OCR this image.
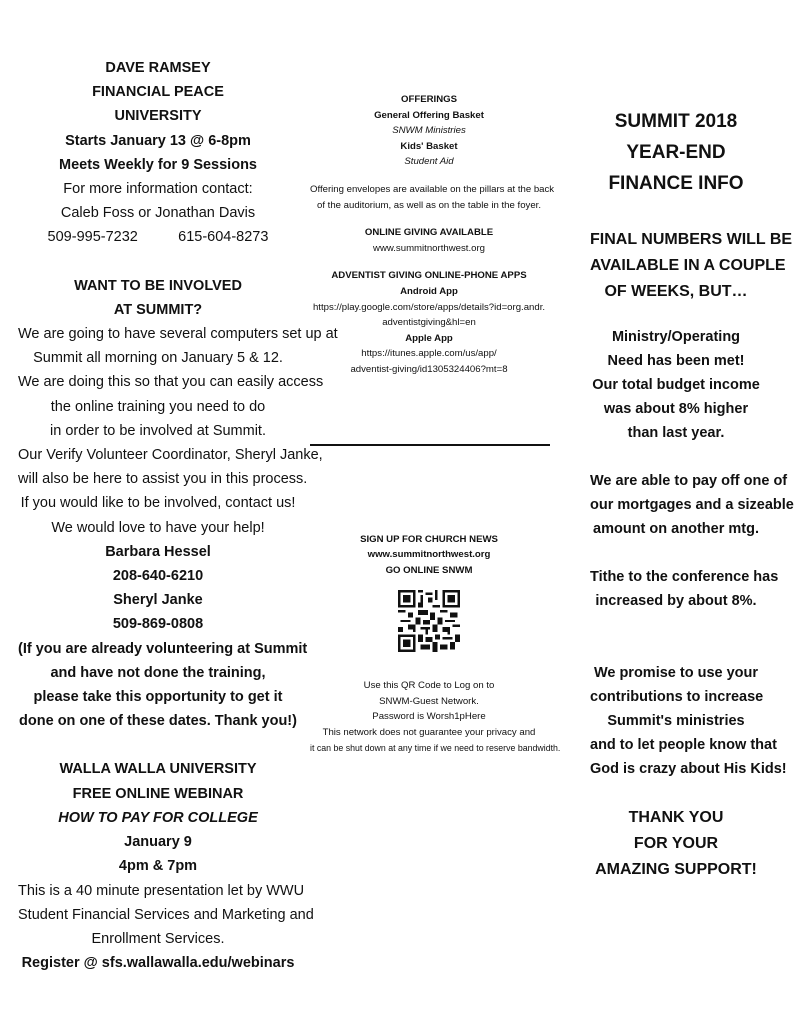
DAVE RAMSEY
FINANCIAL PEACE
UNIVERSITY
Starts January 13 @ 6-8pm
Meets Weekly for 9 Sessions
For more information contact:
Caleb Foss or Jonathan Davis
509-995-7232          615-604-8273
WANT TO BE INVOLVED
AT SUMMIT?
We are going to have several computers set up at
Summit all morning on January 5 & 12.
We are doing this so that you can easily access
the online training you need to do
in order to be involved at Summit.
Our Verify Volunteer Coordinator, Sheryl Janke,
will also be here to assist you in this process.
If you would like to be involved, contact us!
We would love to have your help!
Barbara Hessel
208-640-6210
Sheryl Janke
509-869-0808
(If you are already volunteering at Summit
and have not done the training,
please take this opportunity to get it
done on one of these dates. Thank you!)
WALLA WALLA UNIVERSITY
FREE ONLINE WEBINAR
HOW TO PAY FOR COLLEGE
January 9
4pm & 7pm
This is a 40 minute presentation let by WWU
Student Financial Services and Marketing and
Enrollment Services.
Register @ sfs.wallawalla.edu/webinars
OFFERINGS
General Offering Basket
SNWM Ministries
Kids' Basket
Student Aid
Offering envelopes are available on the pillars at the back
of the auditorium, as well as on the table in the foyer.
ONLINE GIVING AVAILABLE
www.summitnorthwest.org
ADVENTIST GIVING ONLINE-PHONE APPS
Android App
https://play.google.com/store/apps/details?id=org.andr.
adventistgiving&hl=en
Apple App
https://itunes.apple.com/us/app/
adventist-giving/id1305324406?mt=8
SIGN UP FOR CHURCH NEWS
www.summitnorthwest.org
GO ONLINE SNWM
Use this QR Code to Log on to
SNWM-Guest Network.
Password is Worsh1pHere
This network does not guarantee your privacy and
it can be shut down at any time if we need to reserve bandwidth.
SUMMIT 2018
YEAR-END
FINANCE INFO
FINAL NUMBERS WILL BE
AVAILABLE IN A COUPLE
OF WEEKS, BUT…
Ministry/Operating
Need has been met!
Our total budget income
was about 8% higher
than last year.
We are able to pay off one of
our mortgages and a sizeable
amount on another mtg.
Tithe to the conference has
increased by about 8%.
We promise to use your
contributions to increase
Summit's ministries
and to let people know that
God is crazy about His Kids!
THANK YOU
FOR YOUR
AMAZING SUPPORT!
